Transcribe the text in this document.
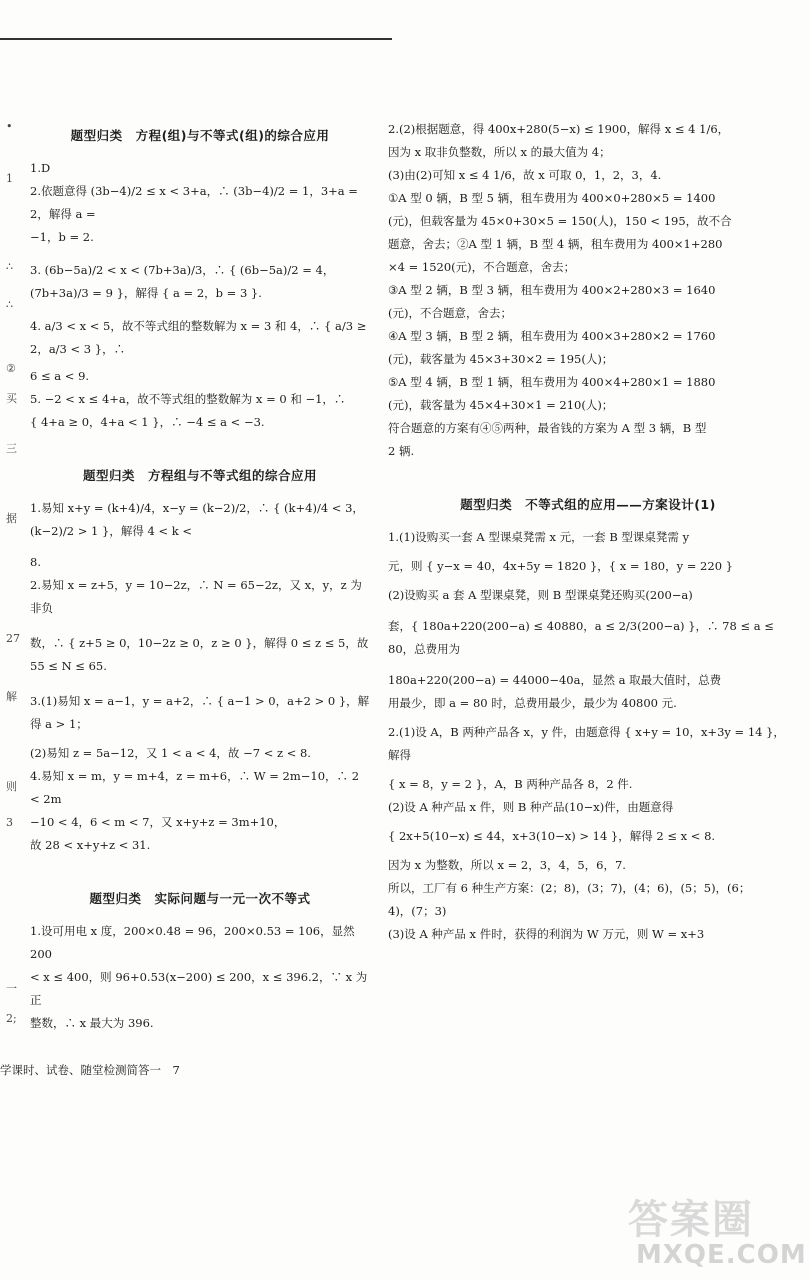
•
1
∴
∴
②
买
三
据
27
解
则
3
一
2;
题型归类　方程(组)与不等式(组)的综合应用

1.D

2.依题意得 (3b−4)/2 ≤ x < 3+a，∴ (3b−4)/2 = 1，3+a = 2，解得 a =

−1，b = 2.

3. (6b−5a)/2 < x < (7b+3a)/3，∴ { (6b−5a)/2 = 4，(7b+3a)/3 = 9 }，解得 { a = 2，b = 3 }.

4. a/3 < x < 5，故不等式组的整数解为 x = 3 和 4，∴ { a/3 ≥ 2，a/3 < 3 }，∴

6 ≤ a < 9.

5. −2 < x ≤ 4+a，故不等式组的整数解为 x = 0 和 −1，∴

{ 4+a ≥ 0，4+a < 1 }，∴ −4 ≤ a < −3.

题型归类　方程组与不等式组的综合应用

1.易知 x+y = (k+4)/4，x−y = (k−2)/2，∴ { (k+4)/4 < 3，(k−2)/2 > 1 }，解得 4 < k <

8.

2.易知 x = z+5，y = 10−2z，∴ N = 65−2z，又 x，y，z 为非负

数，∴ { z+5 ≥ 0，10−2z ≥ 0，z ≥ 0 }，解得 0 ≤ z ≤ 5，故 55 ≤ N ≤ 65.

3.(1)易知 x = a−1，y = a+2，∴ { a−1 > 0，a+2 > 0 }，解得 a > 1；

(2)易知 z = 5a−12，又 1 < a < 4，故 −7 < z < 8.

4.易知 x = m，y = m+4，z = m+6，∴ W = 2m−10，∴ 2 < 2m

−10 < 4，6 < m < 7，又 x+y+z = 3m+10，

故 28 < x+y+z < 31.

题型归类　实际问题与一元一次不等式

1.设可用电 x 度，200×0.48 = 96，200×0.53 = 106，显然 200

< x ≤ 400，则 96+0.53(x−200) ≤ 200，x ≤ 396.2，∵ x 为正

整数，∴ x 最大为 396.

2.(2)根据题意，得 400x+280(5−x) ≤ 1900，解得 x ≤ 4 1/6，

因为 x 取非负整数，所以 x 的最大值为 4；

(3)由(2)可知 x ≤ 4 1/6，故 x 可取 0，1，2，3，4.

①A 型 0 辆，B 型 5 辆，租车费用为 400×0+280×5 = 1400

(元)，但载客量为 45×0+30×5 = 150(人)，150 < 195，故不合

题意，舍去；②A 型 1 辆，B 型 4 辆，租车费用为 400×1+280

×4 = 1520(元)，不合题意，舍去；

③A 型 2 辆，B 型 3 辆，租车费用为 400×2+280×3 = 1640

(元)，不合题意，舍去；

④A 型 3 辆，B 型 2 辆，租车费用为 400×3+280×2 = 1760

(元)，载客量为 45×3+30×2 = 195(人)；

⑤A 型 4 辆，B 型 1 辆，租车费用为 400×4+280×1 = 1880

(元)，载客量为 45×4+30×1 = 210(人)；

符合题意的方案有④⑤两种，最省钱的方案为 A 型 3 辆，B 型

2 辆.

题型归类　不等式组的应用——方案设计(1)

1.(1)设购买一套 A 型课桌凳需 x 元，一套 B 型课桌凳需 y

元，则 { y−x = 40，4x+5y = 1820 }，{ x = 180，y = 220 }

(2)设购买 a 套 A 型课桌凳，则 B 型课桌凳还购买(200−a)

套，{ 180a+220(200−a) ≤ 40880，a ≤ 2/3(200−a) }，∴ 78 ≤ a ≤ 80，总费用为

180a+220(200−a) = 44000−40a，显然 a 取最大值时，总费

用最少，即 a = 80 时，总费用最少，最少为 40800 元.

2.(1)设 A，B 两种产品各 x，y 件，由题意得 { x+y = 10，x+3y = 14 }，解得

{ x = 8，y = 2 }，A，B 两种产品各 8，2 件.

(2)设 A 种产品 x 件，则 B 种产品(10−x)件，由题意得

{ 2x+5(10−x) ≤ 44，x+3(10−x) > 14 }，解得 2 ≤ x < 8.

因为 x 为整数，所以 x = 2，3，4，5，6，7.

所以，工厂有 6 种生产方案：(2；8)，(3；7)，(4；6)，(5；5)，(6；

4)，(7；3)

(3)设 A 种产品 x 件时，获得的利润为 W 万元，则 W = x+3

学课时、试卷、随堂检测简答一　7
答案圈
MXQE.COM
